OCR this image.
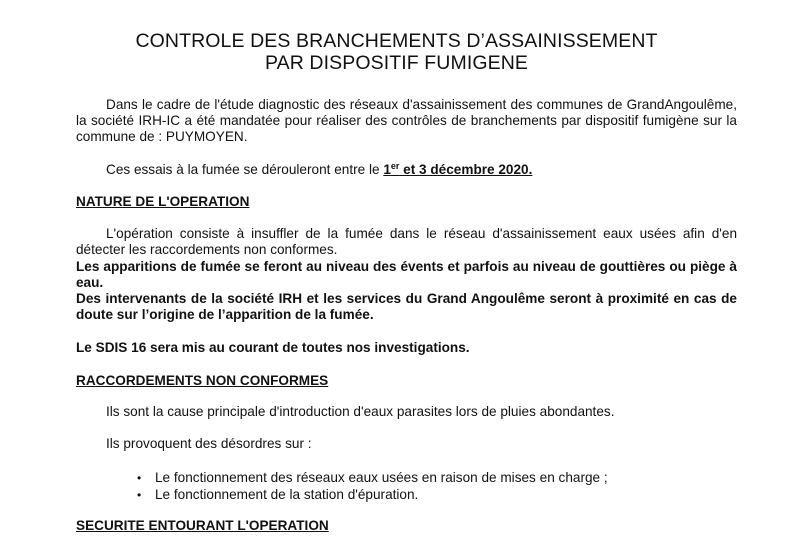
CONTROLE DES BRANCHEMENTS D’ASSAINISSEMENT
PAR DISPOSITIF FUMIGENE
Dans le cadre de l'étude diagnostic des réseaux d'assainissement des communes de GrandAngoulême, la société IRH-IC a été mandatée pour réaliser des contrôles de branchements par dispositif fumigène sur la commune de : PUYMOYEN.
Ces essais à la fumée se dérouleront entre le 1er et 3 décembre 2020.
NATURE DE L'OPERATION
L'opération consiste à insuffler de la fumée dans le réseau d'assainissement eaux usées afin d'en détecter les raccordements non conformes.
Les apparitions de fumée se feront au niveau des évents et parfois au niveau de gouttières ou piège à eau.
Des intervenants de la société IRH et les services du Grand Angoulême seront à proximité en cas de doute sur l’origine de l’apparition de la fumée.
Le SDIS 16 sera mis au courant de toutes nos investigations.
RACCORDEMENTS NON CONFORMES
Ils sont la cause principale d'introduction d'eaux parasites lors de pluies abondantes.
Ils provoquent des désordres sur :
• Le fonctionnement des réseaux eaux usées en raison de mises en charge ;
• Le fonctionnement de la station d'épuration.
SECURITE ENTOURANT L'OPERATION
